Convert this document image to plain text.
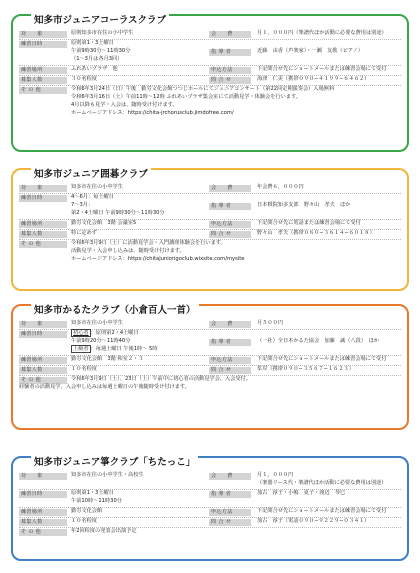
知多市ジュニアコーラスクラブ
対　　象	原則知多市在住の小中学生	会　　費	月１，０００円（楽譜代ほか活動に必要な費用は別途）
練習日時	原則第1・3土曜日
午前9時30分～11時30分
（1～3月は各月3回）
指 導 者	近藤　由香（声楽家）・一瀬　友歌（ピアノ）
練習場所	ふれあいプラザ　他	申込方法	下記問合せ先にショートメールまたは練習会場にて受付
募集人数	３０名程度	問 合 せ	海津　仁美（携帯０９０−４１９９−６４６２）
そ の 他	令和6年3月24日（日）午後　勤労文化会館つつじホールにてジュニアコンサート（第22回定期演奏会）入場無料
令和6年3月16日（土）午前11時～12時 ふれあいプラザ集会室にて活動見学・体験会を行います。
4月以降も見学・入会は、随時受け付けます。
ホームページアドレス：https://chita-jrchorusclub.jimdofree.com/
知多市ジュニア囲碁クラブ
対　　象	知多市在住の小中学生	会　　費	年会費６，０００円
練習日時	4～6月：毎土曜日
7～3月：
第2・4土曜日 午前9時30分～11時30分
指 導 者	日本棋院知多支部　野々山　孝夫　ほか
練習場所	勤労文化会館　3階 会議室5	申込方法	下記問合せ先に電話または練習会場にて受付
募集人数	特に定めず	問 合 せ	野々山　孝夫（携帯０８０−３６１４−６０１８）
そ の 他	令和6年3月9日（土）に活動見学会・入門講座体験会を行います。
活動見学・入会申し込みは、随時受け付けます。
ホームページアドレス：https://chitajuniorigoclub.wixsite.com/mysite
知多市かるたクラブ（小倉百人一首）
対　　象	知多市在住の小中学生	会　　費	月５００円
練習日時	初心者 ：原則第2・4土曜日
午前9時20分～11時40分
上級者 ：毎週土曜日 午後1時～ 5時
指 導 者	（一社）全日本かるた協会　加藤　誠（八段）　ほか
練習場所	勤労文化会館　3階 和室２・３	申込方法	下記問合せ先にショートメールまたは練習会場にて受付
募集人数	１０名程度	問 合 せ	峯岸（携帯０９０−３５６７−１６２３）
そ の 他	令和6年3月9日（土）、23日（土）午前中に初心者の活動見学会、入会受付。
経験者の活動見学、入会申し込みは毎週土曜日の午後随時受け付けます。
知多市ジュニア箏クラブ「ちたっこ」
対　　象	知多市在住の小中学生・高校生	会　　費	月１，０００円
（楽器リース代・楽譜代ほか活動に必要な費用は別途）
練習日時	原則第1・3土曜日
午前10時～11時30分
指 導 者	加古　淳子・小嶋　夏子・渡辺　琴巳
練習場所	勤労文化会館	申込方法	下記問合せ先にショートメールまたは練習会場にて受付
募集人数	１０名程度	問 合 せ	加古　淳子（電話０９０−９２２９−０３４１）
そ の 他	年2回程度の発表会出演予定
